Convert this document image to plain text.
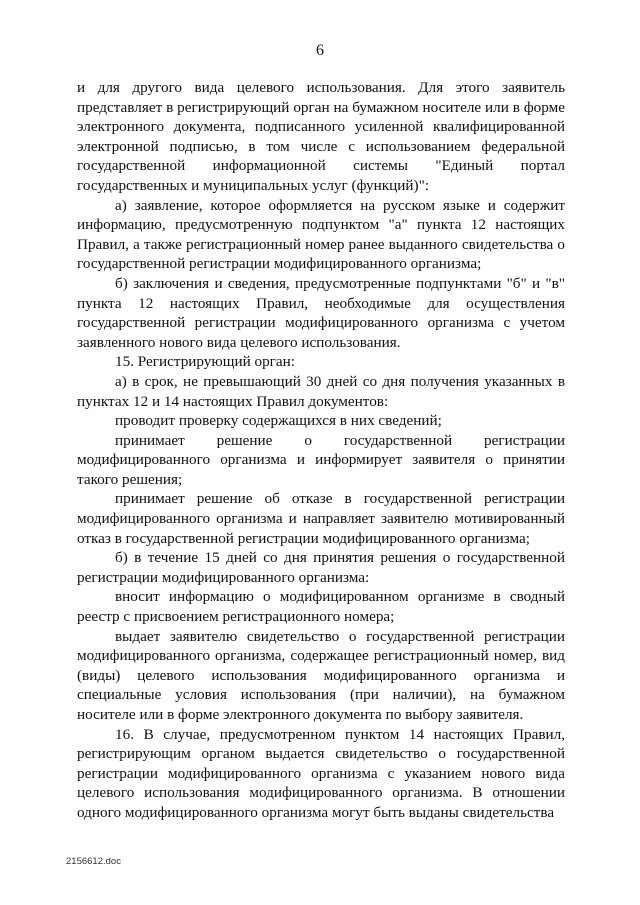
6

и для другого вида целевого использования. Для этого заявитель представляет в регистрирующий орган на бумажном носителе или в форме электронного документа, подписанного усиленной квалифицированной электронной подписью, в том числе с использованием федеральной государственной информационной системы "Единый портал государственных и муниципальных услуг (функций)":

а) заявление, которое оформляется на русском языке и содержит информацию, предусмотренную подпунктом "а" пункта 12 настоящих Правил, а также регистрационный номер ранее выданного свидетельства о государственной регистрации модифицированного организма;

б) заключения и сведения, предусмотренные подпунктами "б" и "в" пункта 12 настоящих Правил, необходимые для осуществления государственной регистрации модифицированного организма с учетом заявленного нового вида целевого использования.

15. Регистрирующий орган:

а) в срок, не превышающий 30 дней со дня получения указанных в пунктах 12 и 14 настоящих Правил документов:

проводит проверку содержащихся в них сведений;

принимает решение о государственной регистрации модифицированного организма и информирует заявителя о принятии такого решения;

принимает решение об отказе в государственной регистрации модифицированного организма и направляет заявителю мотивированный отказ в государственной регистрации модифицированного организма;

б) в течение 15 дней со дня принятия решения о государственной регистрации модифицированного организма:

вносит информацию о модифицированном организме в сводный реестр с присвоением регистрационного номера;

выдает заявителю свидетельство о государственной регистрации модифицированного организма, содержащее регистрационный номер, вид (виды) целевого использования модифицированного организма и специальные условия использования (при наличии), на бумажном носителе или в форме электронного документа по выбору заявителя.

16. В случае, предусмотренном пунктом 14 настоящих Правил, регистрирующим органом выдается свидетельство о государственной регистрации модифицированного организма с указанием нового вида целевого использования модифицированного организма. В отношении одного модифицированного организма могут быть выданы свидетельства

2156612.doc
